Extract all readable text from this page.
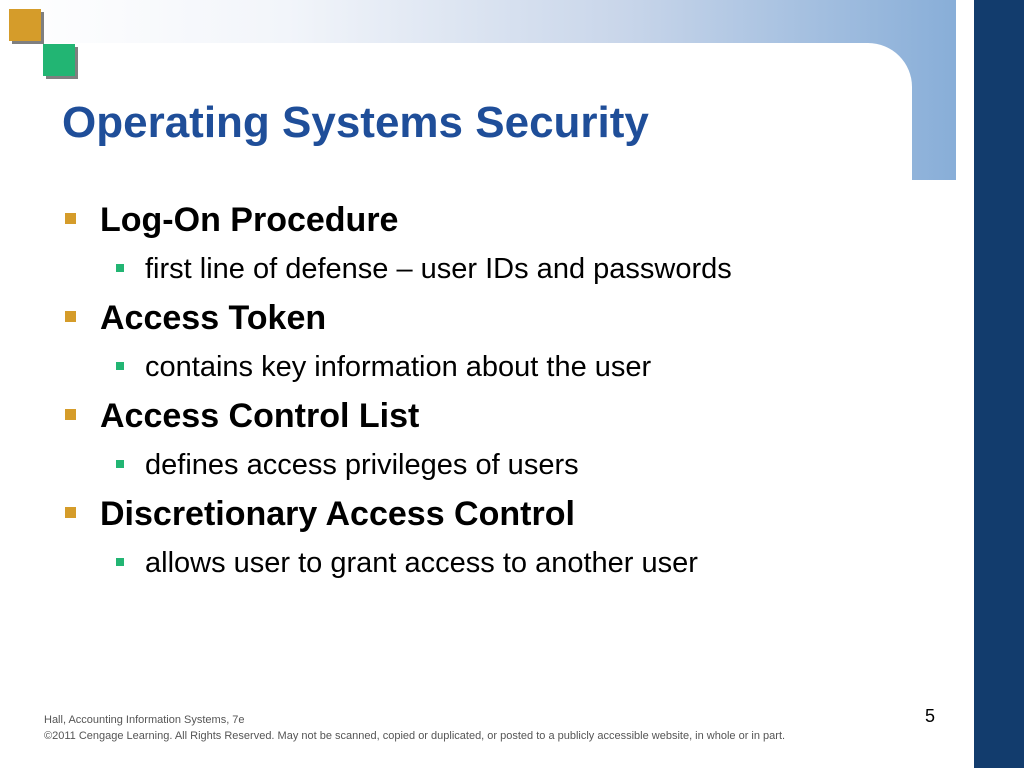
Operating Systems Security
Log-On Procedure
first line of defense – user IDs and passwords
Access Token
contains key information about the user
Access Control List
defines access privileges of users
Discretionary Access Control
allows user to grant access to another user
Hall, Accounting Information Systems, 7e
©2011 Cengage Learning. All Rights Reserved. May not be scanned, copied or duplicated, or posted to a publicly accessible website, in whole or in part.
5
